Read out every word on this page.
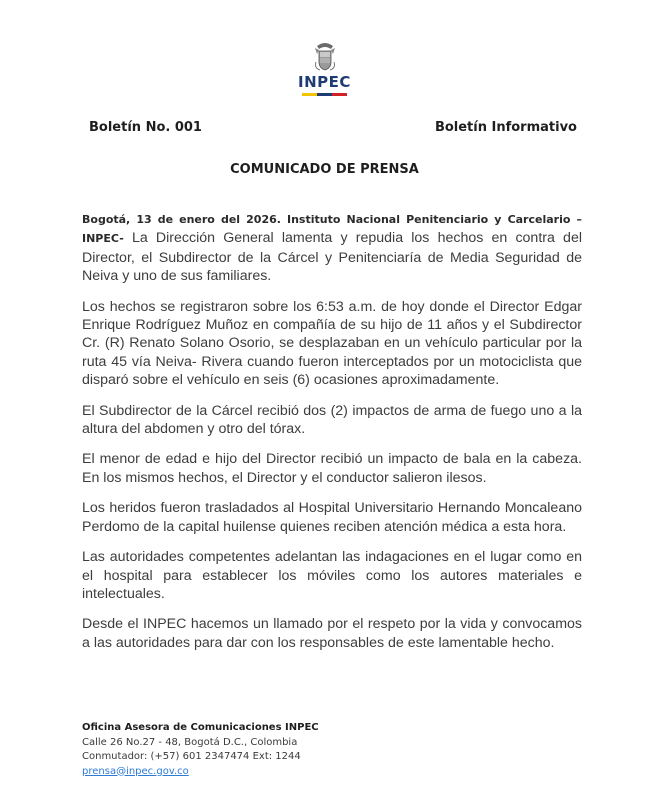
INPEC
Boletín No. 001	Boletín Informativo
COMUNICADO DE PRENSA

Bogotá, 13 de enero del 2026. Instituto Nacional Penitenciario y Carcelario – INPEC- La Dirección General lamenta y repudia los hechos en contra del Director, el Subdirector de la Cárcel y Penitenciaría de Media Seguridad de Neiva y uno de sus familiares.

Los hechos se registraron sobre los 6:53 a.m. de hoy donde el Director Edgar Enrique Rodríguez Muñoz en compañía de su hijo de 11 años y el Subdirector Cr. (R) Renato Solano Osorio, se desplazaban en un vehículo particular por la ruta 45 vía Neiva- Rivera cuando fueron interceptados por un motociclista que disparó sobre el vehículo en seis (6) ocasiones aproximadamente.

El Subdirector de la Cárcel recibió dos (2) impactos de arma de fuego uno a la altura del abdomen y otro del tórax.

El menor de edad e hijo del Director recibió un impacto de bala en la cabeza. En los mismos hechos, el Director y el conductor salieron ilesos.

Los heridos fueron trasladados al Hospital Universitario Hernando Moncaleano Perdomo de la capital huilense quienes reciben atención médica a esta hora.

Las autoridades competentes adelantan las indagaciones en el lugar como en el hospital para establecer los móviles como los autores materiales e intelectuales.

Desde el INPEC hacemos un llamado por el respeto por la vida y convocamos a las autoridades para dar con los responsables de este lamentable hecho.

Oficina Asesora de Comunicaciones INPEC
Calle 26 No.27 - 48, Bogotá D.C., Colombia
Conmutador: (+57) 601 2347474 Ext: 1244
prensa@inpec.gov.co
